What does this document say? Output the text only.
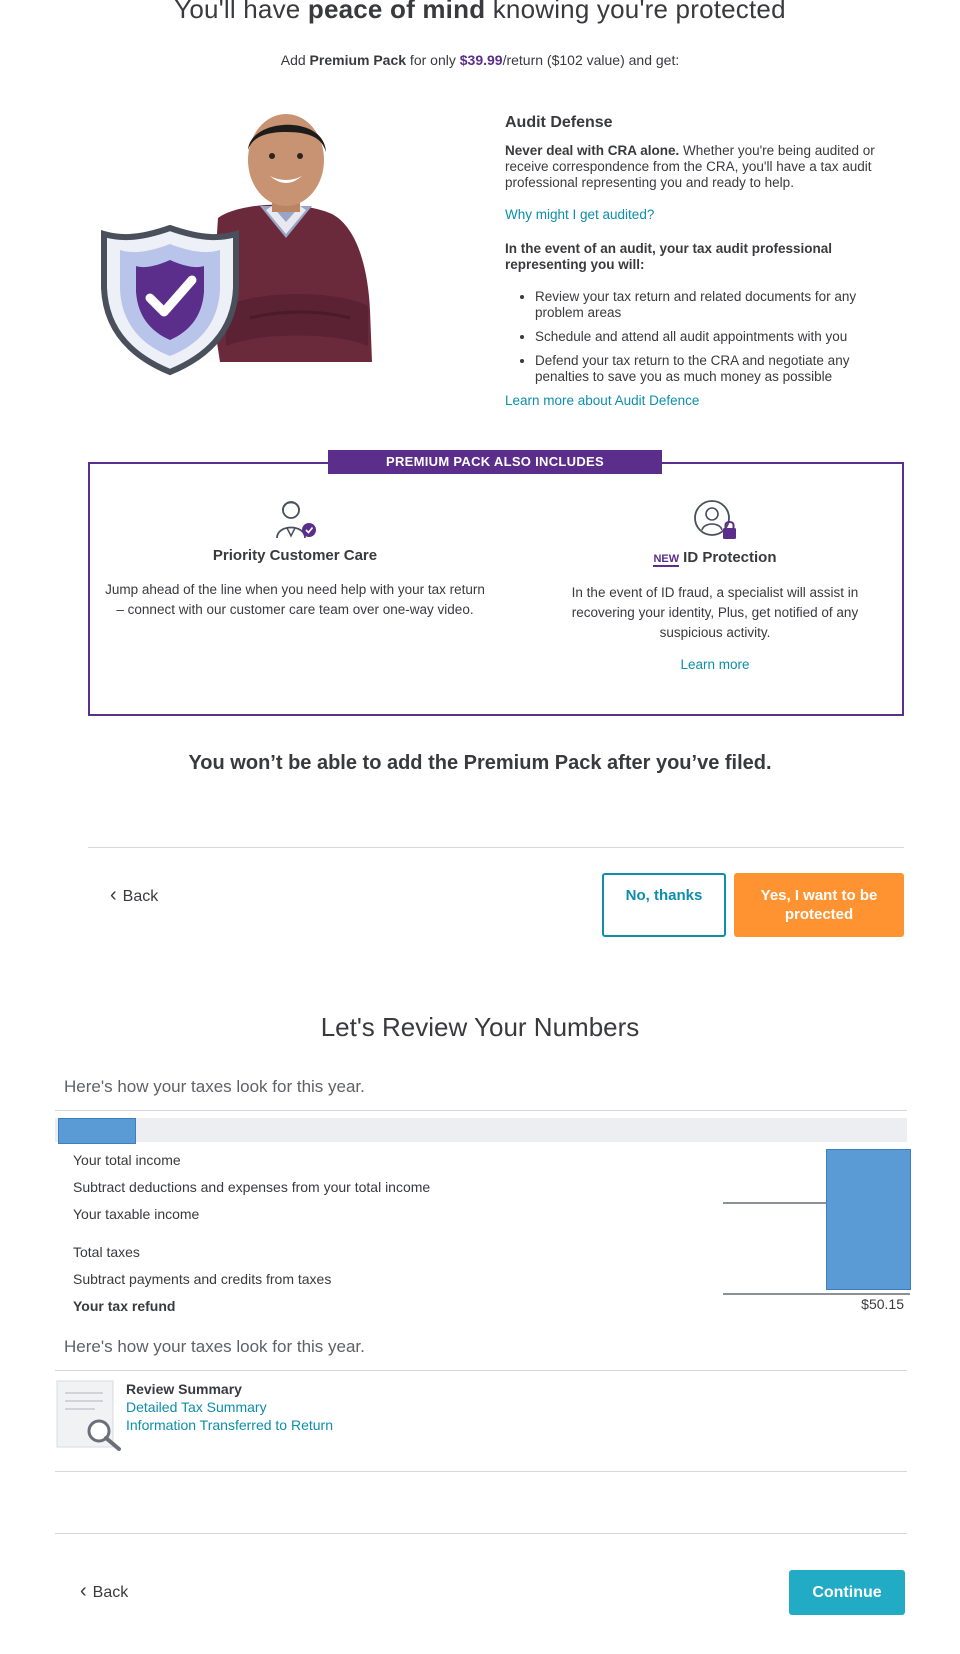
You'll have peace of mind knowing you're protected
Add Premium Pack for only $39.99/return ($102 value) and get:
Audit Defense

Never deal with CRA alone. Whether you're being audited or receive correspondence from the CRA, you'll have a tax audit professional representing you and ready to help.

Why might I get audited?

In the event of an audit, your tax audit professional representing you will:

• Review your tax return and related documents for any problem areas
• Schedule and attend all audit appointments with you
• Defend your tax return to the CRA and negotiate any penalties to save you as much money as possible
Learn more about Audit Defence
PREMIUM PACK ALSO INCLUDES
Priority Customer Care
Jump ahead of the line when you need help with your tax return – connect with our customer care team over one-way video.
NEW ID Protection
In the event of ID fraud, a specialist will assist in recovering your identity, Plus, get notified of any suspicious activity.
Learn more
You won’t be able to add the Premium Pack after you’ve filed.
‹ Back	No, thanks	Yes, I want to be protected
Let's Review Your Numbers
Here's how your taxes look for this year.
Your total income
Subtract deductions and expenses from your total income
Your taxable income
Total taxes
Subtract payments and credits from taxes
Your tax refund	$50.15
Here's how your taxes look for this year.
Review Summary
Detailed Tax Summary
Information Transferred to Return
‹ Back	Continue
